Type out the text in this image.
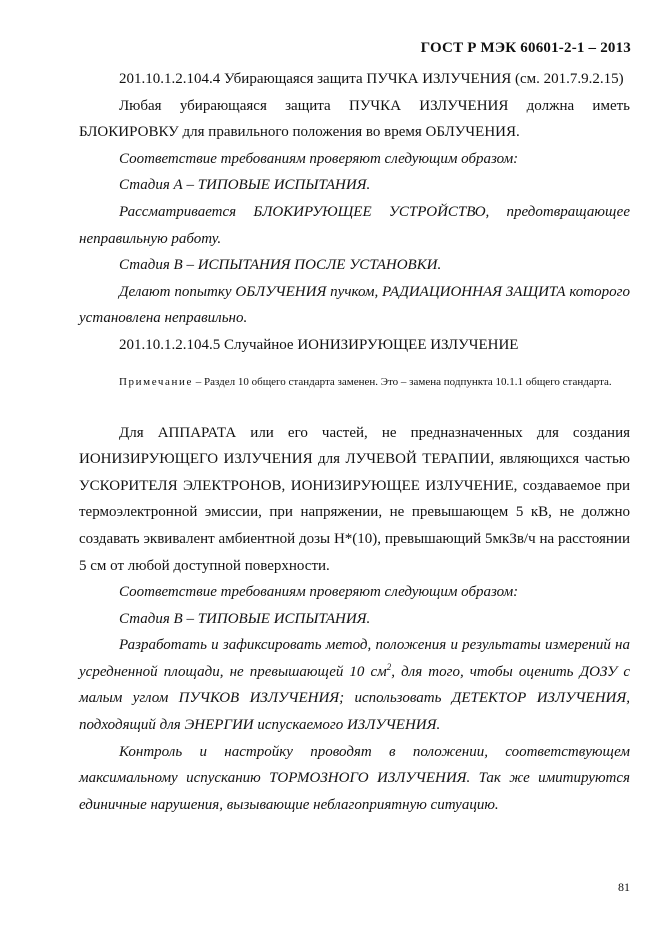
ГОСТ Р МЭК 60601-2-1 – 2013

201.10.1.2.104.4 Убирающаяся защита ПУЧКА ИЗЛУЧЕНИЯ (см. 201.7.9.2.15)

Любая убирающаяся защита ПУЧКА ИЗЛУЧЕНИЯ должна иметь БЛОКИРОВКУ для правильного положения во время ОБЛУЧЕНИЯ.

Соответствие требованиям проверяют следующим образом:

Стадия А – ТИПОВЫЕ ИСПЫТАНИЯ.

Рассматривается БЛОКИРУЮЩЕЕ УСТРОЙСТВО, предотвращающее неправильную работу.

Стадия В – ИСПЫТАНИЯ ПОСЛЕ УСТАНОВКИ.

Делают попытку ОБЛУЧЕНИЯ пучком, РАДИАЦИОННАЯ ЗАЩИТА которого установлена неправильно.

201.10.1.2.104.5 Случайное ИОНИЗИРУЮЩЕЕ ИЗЛУЧЕНИЕ

Примечание – Раздел 10 общего стандарта заменен. Это – замена подпункта 10.1.1 общего стандарта.

Для АППАРАТА или его частей, не предназначенных для создания ИОНИЗИРУЮЩЕГО ИЗЛУЧЕНИЯ для ЛУЧЕВОЙ ТЕРАПИИ, являющихся частью УСКОРИТЕЛЯ ЭЛЕКТРОНОВ, ИОНИЗИРУЮЩЕЕ ИЗЛУЧЕНИЕ, создаваемое при термоэлектронной эмиссии, при напряжении, не превышающем 5 кВ, не должно создавать эквивалент амбиентной дозы Н*(10), превышающий 5мкЗв/ч на расстоянии 5 см от любой доступной поверхности.

Соответствие требованиям проверяют следующим образом:

Стадия В – ТИПОВЫЕ ИСПЫТАНИЯ.

Разработать и зафиксировать метод, положения и результаты измерений на усредненной площади, не превышающей 10 $см^2$, для того, чтобы оценить ДОЗУ с малым углом ПУЧКОВ ИЗЛУЧЕНИЯ; использовать ДЕТЕКТОР ИЗЛУЧЕНИЯ, подходящий для ЭНЕРГИИ испускаемого ИЗЛУЧЕНИЯ.

Контроль и настройку проводят в положении, соответствующем максимальному испусканию ТОРМОЗНОГО ИЗЛУЧЕНИЯ. Так же имитируются единичные нарушения, вызывающие неблагоприятную ситуацию.

81
